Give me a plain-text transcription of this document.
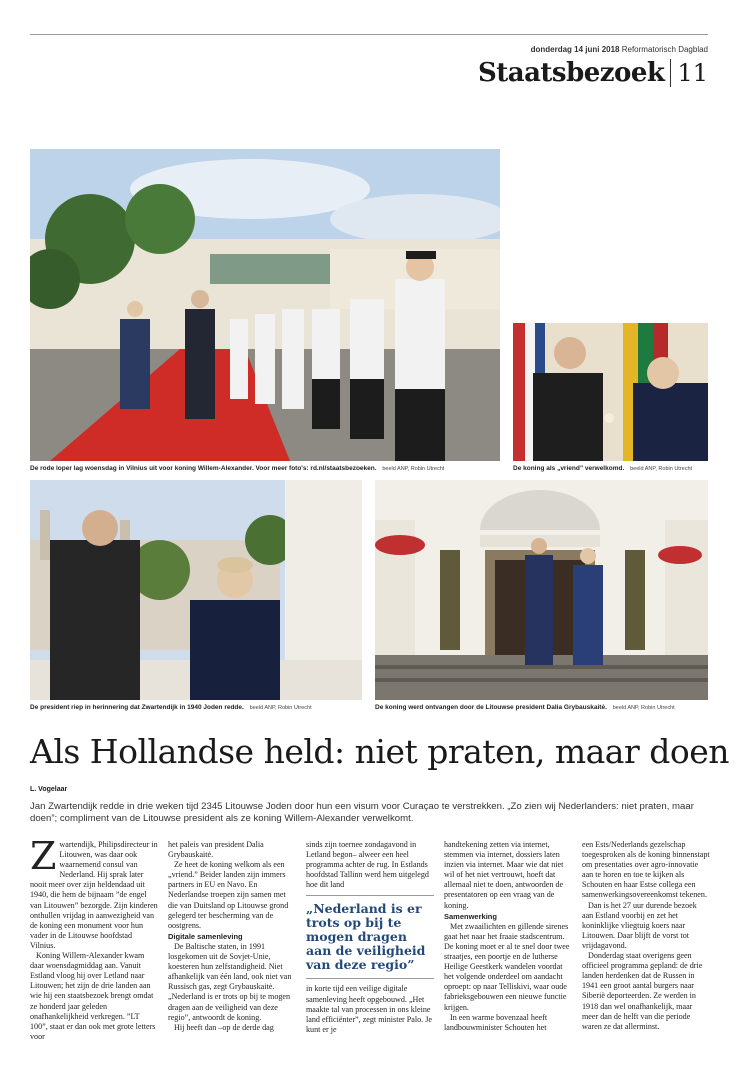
donderdag 14 juni 2018 Reformatorisch Dagblad
Staatsbezoek 11
De rode loper lag woensdag in Vilnius uit voor koning Willem-Alexander. Voor meer foto's: rd.nl/staatsbezoeken. beeld ANP, Robin Utrecht	De koning als „vriend” verwelkomd. beeld ANP, Robin Utrecht
De president riep in herinnering dat Zwartendijk in 1940 Joden redde. beeld ANP, Robin Utrecht	De koning werd ontvangen door de Litouwse president Dalia Grybauskaitė. beeld ANP, Robin Utrecht
Als Hollandse held: niet praten, maar doen
L. Vogelaar
Jan Zwartendijk redde in drie weken tijd 2345 Litouwse Joden door hun een visum voor Curaçao te verstrekken. „Zo zien wij Nederlanders: niet praten, maar doen”; compliment van de Litouwse president als ze koning Willem-Alexander verwelkomt.

Zwartendijk, Philipsdirecteur in Litouwen, was daar ook waarnemend consul van Nederland. Hij sprak later nooit meer over zijn heldendaad uit 1940, die hem de bijnaam ”de engel van Litouwen” bezorgde. Zijn kinderen onthullen vrijdag in aanwezigheid van de koning een monument voor hun vader in de Litouwse hoofdstad Vilnius.

Koning Willem-Alexander kwam daar woensdagmiddag aan. Vanuit Estland vloog hij over Letland naar Litouwen; het zijn de drie landen aan wie hij een staatsbezoek brengt omdat ze honderd jaar geleden onafhankelijkheid verkregen. ”LT 100”, staat er dan ook met grote letters voor

het paleis van president Dalia Grybauskaitė.

Ze heet de koning welkom als een „vriend.” Beider landen zijn immers partners in EU en Navo. En Nederlandse troepen zijn samen met die van Duitsland op Litouwse grond gelegerd ter bescherming van de oostgrens.

Digitale samenleving

De Baltische staten, in 1991 losgekomen uit de Sovjet-Unie, koesteren hun zelfstandigheid. Niet afhankelijk van één land, ook niet van Russisch gas, zegt Grybauskaitė. „Nederland is er trots op bij te mogen dragen aan de veiligheid van deze regio”, antwoordt de koning.

Hij heeft dan –op de derde dag

sinds zijn toernee zondagavond in Letland begon– alweer een heel programma achter de rug. In Estlands hoofdstad Tallinn werd hem uitgelegd hoe dit land

„Nederland is er trots op bij te mogen dragen aan de veiligheid van deze regio”

in korte tijd een veilige digitale samenleving heeft opgebouwd. „Het maakte tal van processen in ons kleine land efficiënter”, zegt minister Palo. Je kunt er je

handtekening zetten via internet, stemmen via internet, dossiers laten inzien via internet. Maar wie dat niet wil of het niet vertrouwt, hoeft dat allemaal niet te doen, antwoorden de presentatoren op een vraag van de koning.

Samenwerking

Met zwaailichten en gillende sirenes gaat het naar het fraaie stadscentrum. De koning moet er al te snel door twee straatjes, een poortje en de lutherse Heilige Geestkerk wandelen voordat het volgende onderdeel om aandacht oproept: op naar Telliskivi, waar oude fabrieksgebouwen een nieuwe functie krijgen.

In een warme bovenzaal heeft landbouwminister Schouten het

een Ests/Nederlands gezelschap toegesproken als de koning binnenstapt om presentaties over agro-innovatie aan te horen en toe te kijken als Schouten en haar Estse collega een samenwerkingsovereenkomst tekenen.

Dan is het 27 uur durende bezoek aan Estland voorbij en zet het koninklijke vliegtuig koers naar Litouwen. Daar blijft de vorst tot vrijdagavond.

Donderdag staat overigens geen officieel programma gepland: de drie landen herdenken dat de Russen in 1941 een groot aantal burgers naar Siberië deporteerden. Ze werden in 1918 dan wel onafhankelijk, maar meer dan de helft van die periode waren ze dat allerminst.
